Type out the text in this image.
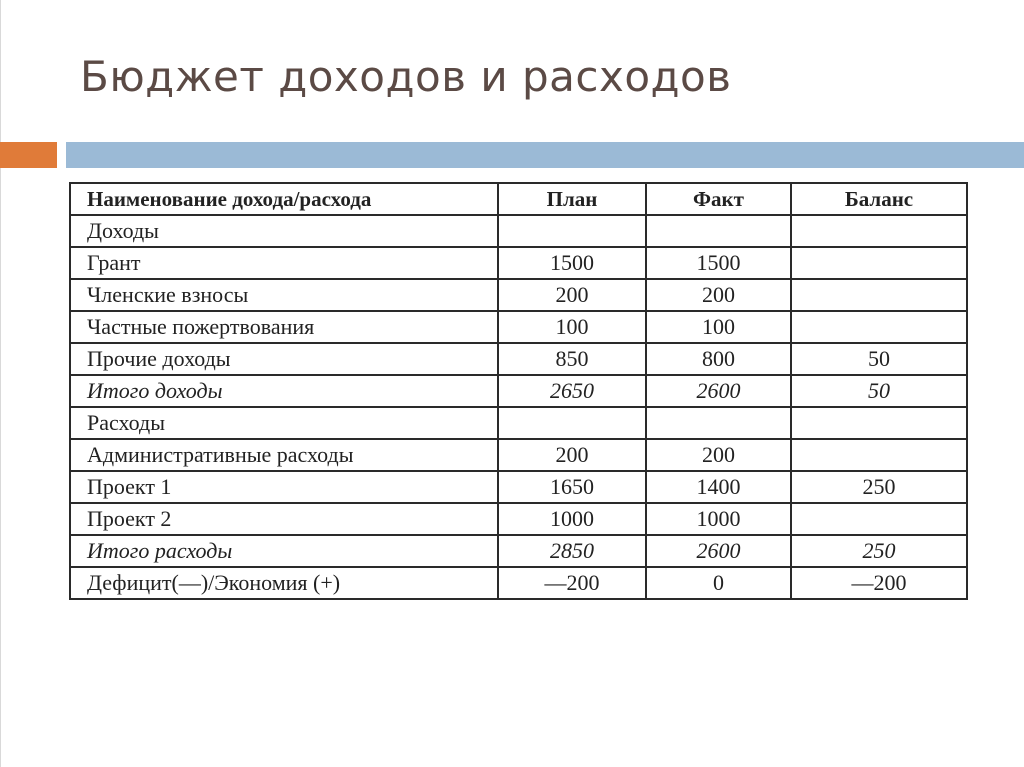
Бюджет доходов и расходов
Наименование дохода/расхода	План	Факт	Баланс
Доходы			
Грант	1500	1500	
Членские взносы	200	200	
Частные пожертвования	100	100	
Прочие доходы	850	800	50
Итого доходы	2650	2600	50
Расходы			
Административные расходы	200	200	
Проект 1	1650	1400	250
Проект 2	1000	1000	
Итого расходы	2850	2600	250
Дефицит(—)/Экономия (+)	—200	0	—200
